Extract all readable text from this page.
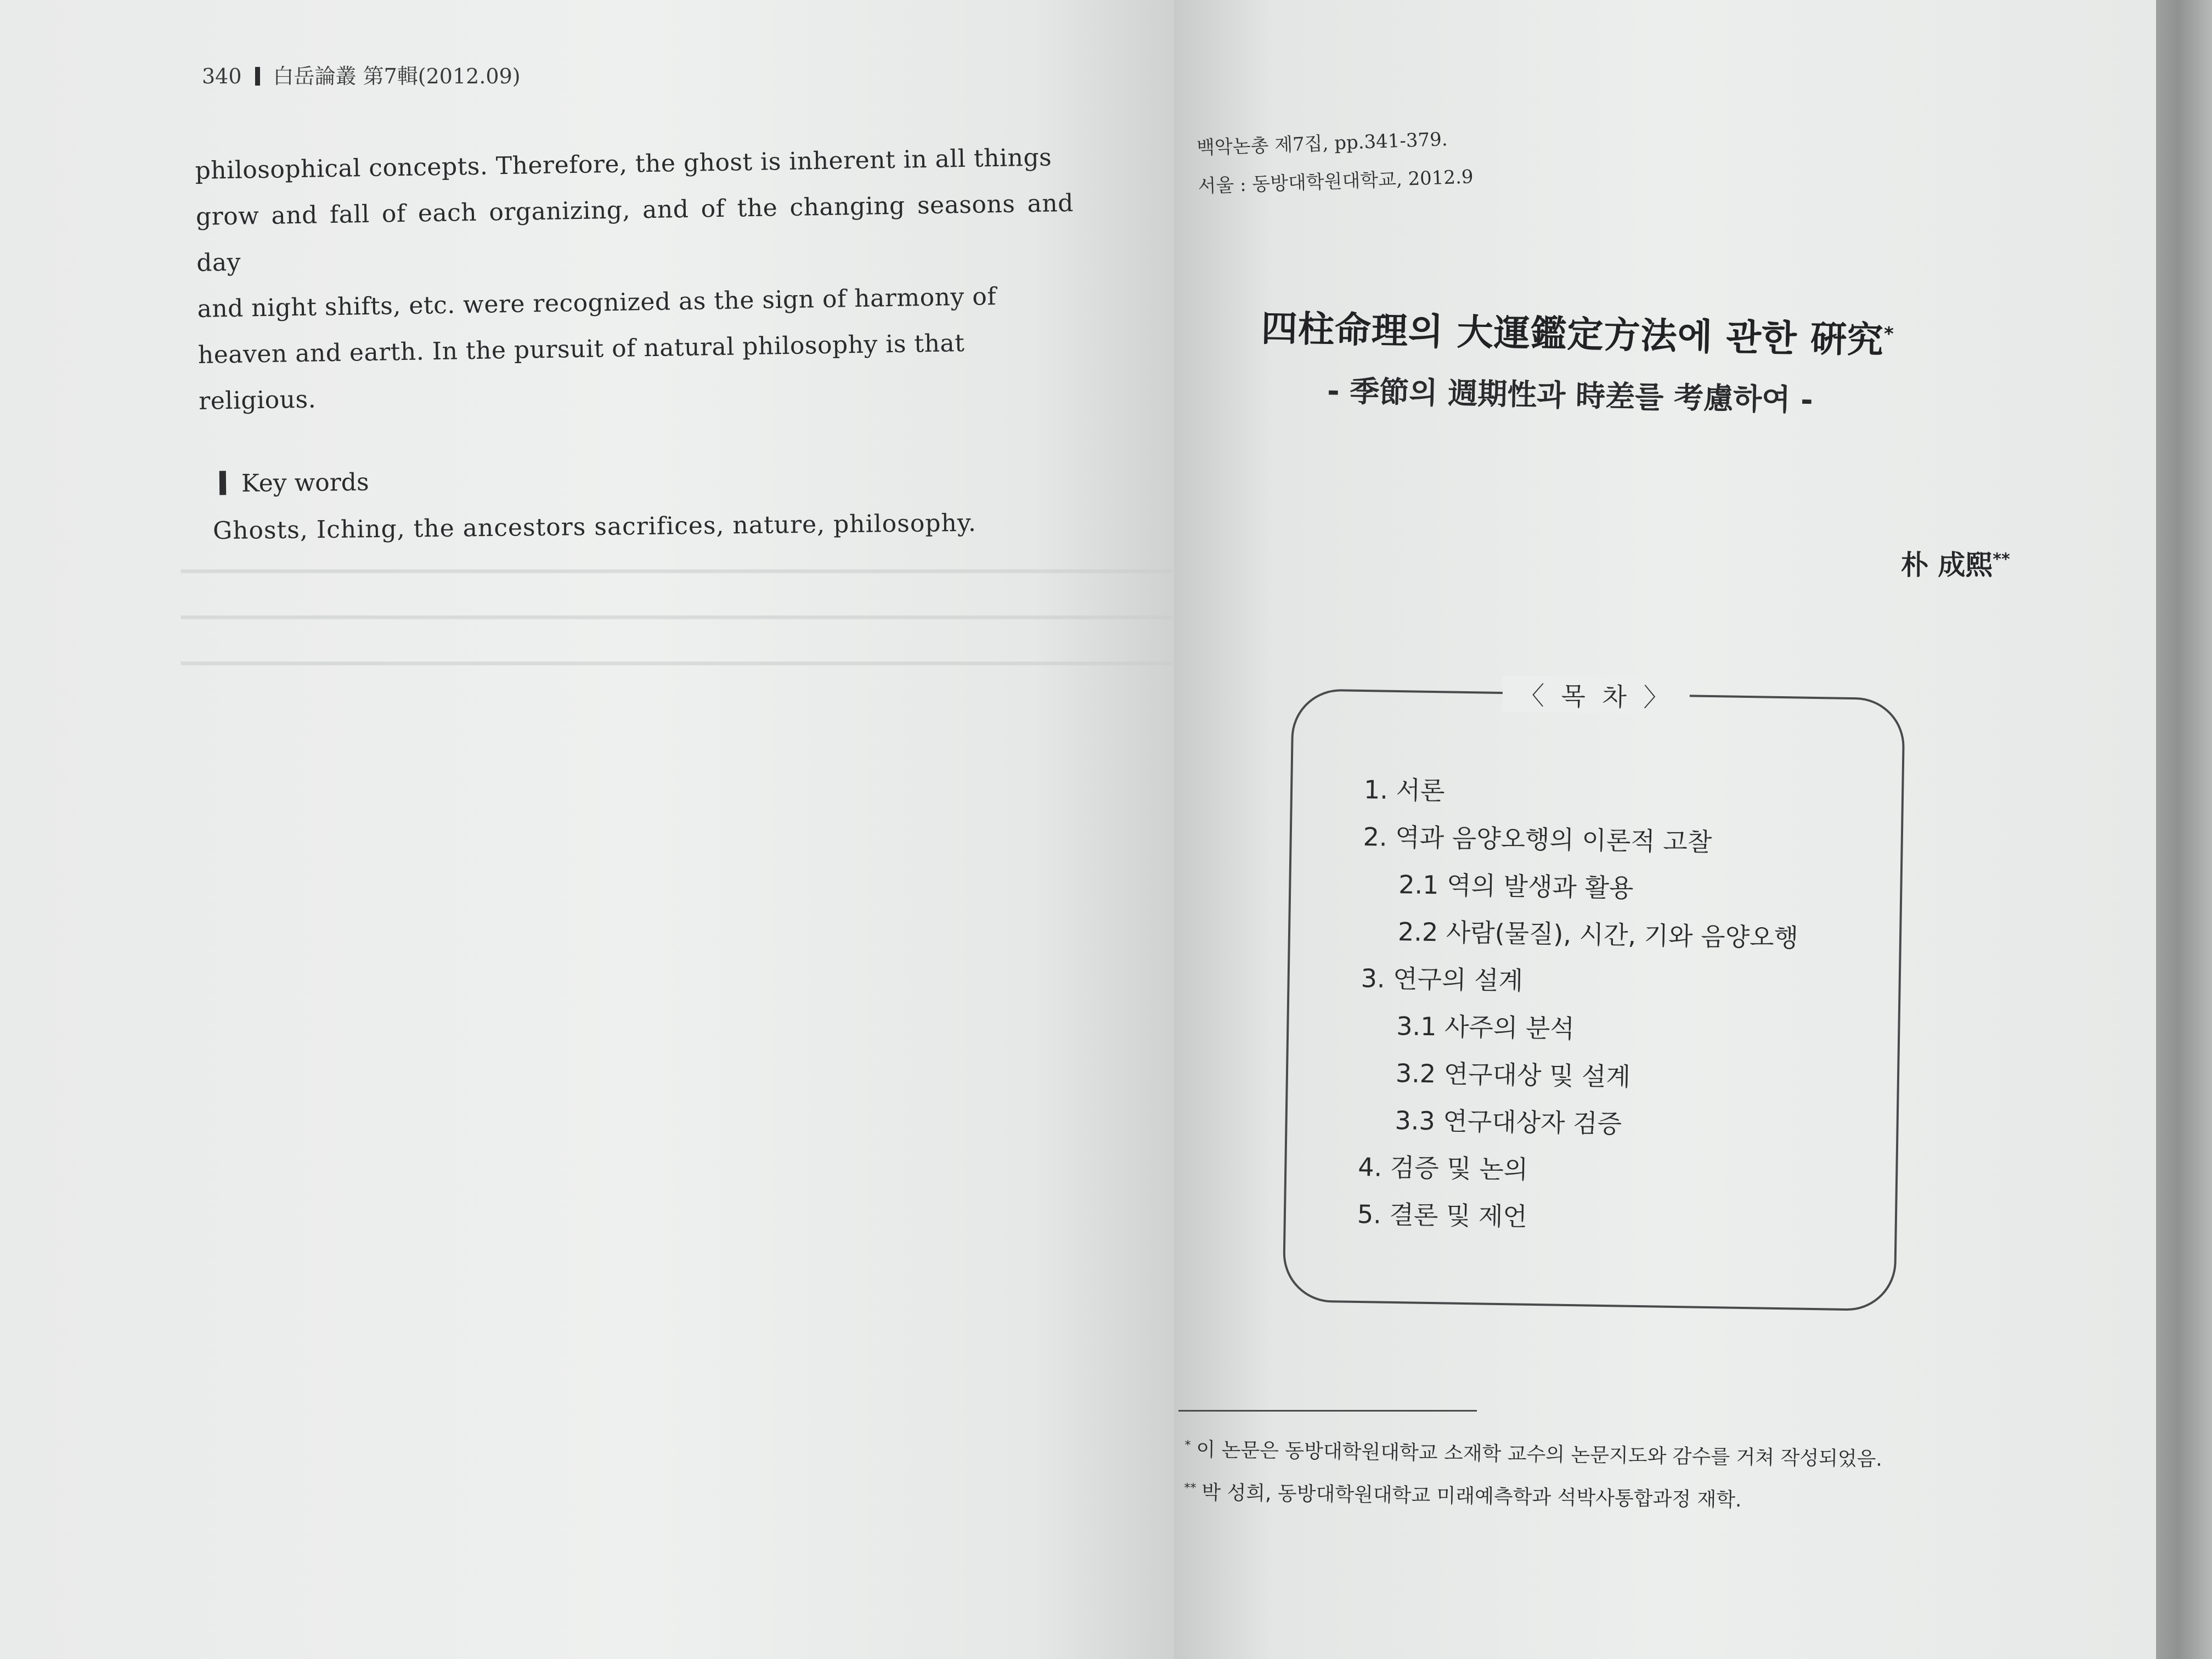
━━━━━━━━━━━━━━━━━━━━━━━━━━━━━━━━━━━━━━━━━━━━━━━━━━━━━━━━━━━━━━━━━━━━━━━━━━━
━━━━━━━━━━━━━━━━━━━━━━━━━━━━━━━━━━━━━━━━━━━━━━━━━━━━━━━━━━━━━━━━━━━━━━━━━━━
━━━━━━━━━━━━━━━━━━━━━━━━━━━━━━━━━━━━━━━━━━━━━━━━━━━━━━━━━━━━━━━━━━━━━━━━━━━
340 白岳論叢 第7輯(2012.09)
philosophical concepts. Therefore, the ghost is inherent in all things
grow and fall of each organizing, and of the changing seasons and day
and night shifts, etc. were recognized as the sign of harmony of
heaven and earth. In the pursuit of natural philosophy is that
religious.
Key words
Ghosts, Iching, the ancestors sacrifices, nature, philosophy.
백악논총 제7집, pp.341-379.
서울 : 동방대학원대학교, 2012.9
四柱命理의 大運鑑定方法에 관한 硏究*
- 季節의 週期性과 時差를 考慮하여 -
朴 成熙**
〈 목 차 〉
1. 서론
2. 역과 음양오행의 이론적 고찰
2.1 역의 발생과 활용
2.2 사람(물질), 시간, 기와 음양오행
3. 연구의 설계
3.1 사주의 분석
3.2 연구대상 및 설계
3.3 연구대상자 검증
4. 검증 및 논의
5. 결론 및 제언
* 이 논문은 동방대학원대학교 소재학 교수의 논문지도와 감수를 거쳐 작성되었음.
** 박 성희, 동방대학원대학교 미래예측학과 석박사통합과정 재학.
